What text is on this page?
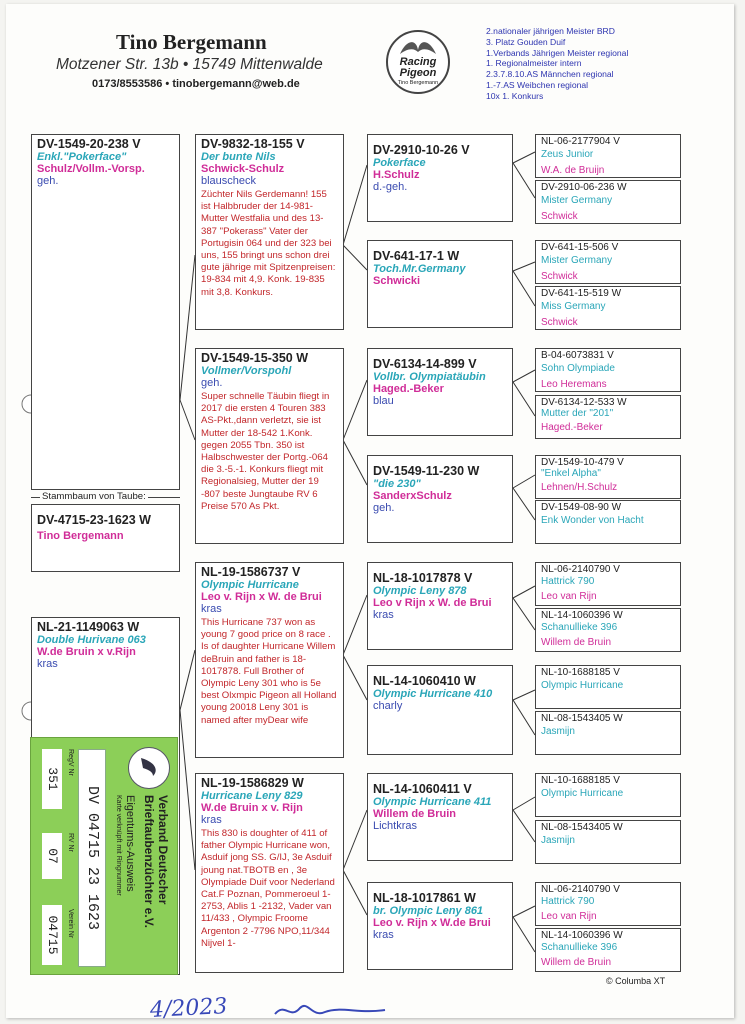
Tino Bergemann
Motzener Str. 13b • 15749 Mittenwalde
0173/8553586 • tinobergemann@web.de
Racing
Pigeon
Tino Bergemann
2.nationaler jährigen Meister BRD
3. Platz Gouden Duif
1.Verbands Jährigen Meister regional
1. Regionalmeister intern
2.3.7.8.10.AS Männchen regional
1.-7.AS Weibchen regional
10x 1. Konkurs
DV-1549-20-238 V
Enkl."Pokerface"
Schulz/Vollm.-Vorsp.
geh.
Stammbaum von Taube:
DV-4715-23-1623 W
Tino Bergemann
NL-21-1149063 W
Double Hurivane 063
W.de Bruin x v.Rijn
kras
DV-9832-18-155 V
Der bunte Nils
Schwick-Schulz
blauscheck
Züchter Nils Gerdemann! 155 ist Halbbruder der 14-981- Mutter Westfalia und des 13-387 "Pokerass" Vater der Portugisin 064 und der 323 bei uns, 155 bringt uns schon drei gute jährige mit Spitzenpreisen: 19-834 mit 4,9. Konk. 19-835 mit 3,8. Konkurs.
DV-1549-15-350 W
Vollmer/Vorspohl
geh.
Super schnelle Täubin fliegt in 2017 die ersten 4 Touren 383 AS-Pkt.,dann verletzt, sie ist Mutter der 18-542 1.Konk. gegen 2055 Tbn. 350 ist Halbschwester der Portg.-064 die 3.-5.-1. Konkurs fliegt mit Regionalsieg, Mutter der 19 -807 beste Jungtaube RV 6 Preise 570 As Pkt.
NL-19-1586737 V
Olympic Hurricane
Leo v. Rijn x W. de Brui
kras
This Hurricane 737 won as young 7 good price on 8 race . Is of daughter Hurricane Willem deBruin and father is 18-1017878. Full Brother of Olympic Leny 301 who is 5e best Olxmpic Pigeon all Holland young 20018 Leny 301 is named after myDear wife
NL-19-1586829 W
Hurricane Leny 829
W.de Bruin x v. Rijn
kras
This 830 is doughter of 411 of father Olympic Hurricane won, Asduif jong SS. G/IJ, 3e Asduif joung nat.TBOTB en , 3e Olympiade Duif voor Nederland Cat.F Poznan, Pommeroeul 1-2753, Ablis 1 -2132, Vader van 11/433 , Olympic Froome Argenton 2 -7796 NPO,11/344 Nijvel 1-
DV-2910-10-26 V
Pokerface
H.Schulz
d.-geh.
DV-641-17-1 W
Toch.Mr.Germany
Schwicki
DV-6134-14-899 V
Vollbr. Olympiatäubin
Haged.-Beker
blau
DV-1549-11-230 W
"die 230"
SanderxSchulz
geh.
NL-18-1017878 V
Olympic Leny 878
Leo v Rijn x W. de Brui
kras
NL-14-1060410 W
Olympic Hurricane 410
charly
NL-14-1060411 V
Olympic Hurricane 411
Willem de Bruin
Lichtkras
NL-18-1017861 W
br. Olympic Leny 861
Leo v. Rijn x W.de Brui
kras
NL-06-2177904 V
Zeus Junior
W.A. de Bruijn
DV-2910-06-236 W
Mister Germany
Schwick
DV-641-15-506 V
Mister Germany
Schwick
DV-641-15-519 W
Miss Germany
Schwick
B-04-6073831 V
Sohn Olympiade
Leo Heremans
DV-6134-12-533 W
Mutter der "201"
Haged.-Beker
DV-1549-10-479 V
"Enkel Alpha"
Lehnen/H.Schulz
DV-1549-08-90 W
Enk Wonder von Hacht
NL-06-2140790 V
Hattrick 790
Leo van Rijn
NL-14-1060396 W
Schanullieke 396
Willem de Bruin
NL-10-1688185 V
Olympic Hurricane
NL-08-1543405 W
Jasmijn
NL-10-1688185 V
Olympic Hurricane
NL-08-1543405 W
Jasmijn
NL-06-2140790 V
Hattrick 790
Leo van Rijn
NL-14-1060396 W
Schanullieke 396
Willem de Bruin
Verband Deutscher
Brieftaubenzüchter e.V.
Eigentums-Ausweis
Karte verknüpft mit Ringnummer
DV 04715 23 1623
RegV Nr
RV Nr
Verein Nr
351
07
04715
© Columba XT
4/2023
